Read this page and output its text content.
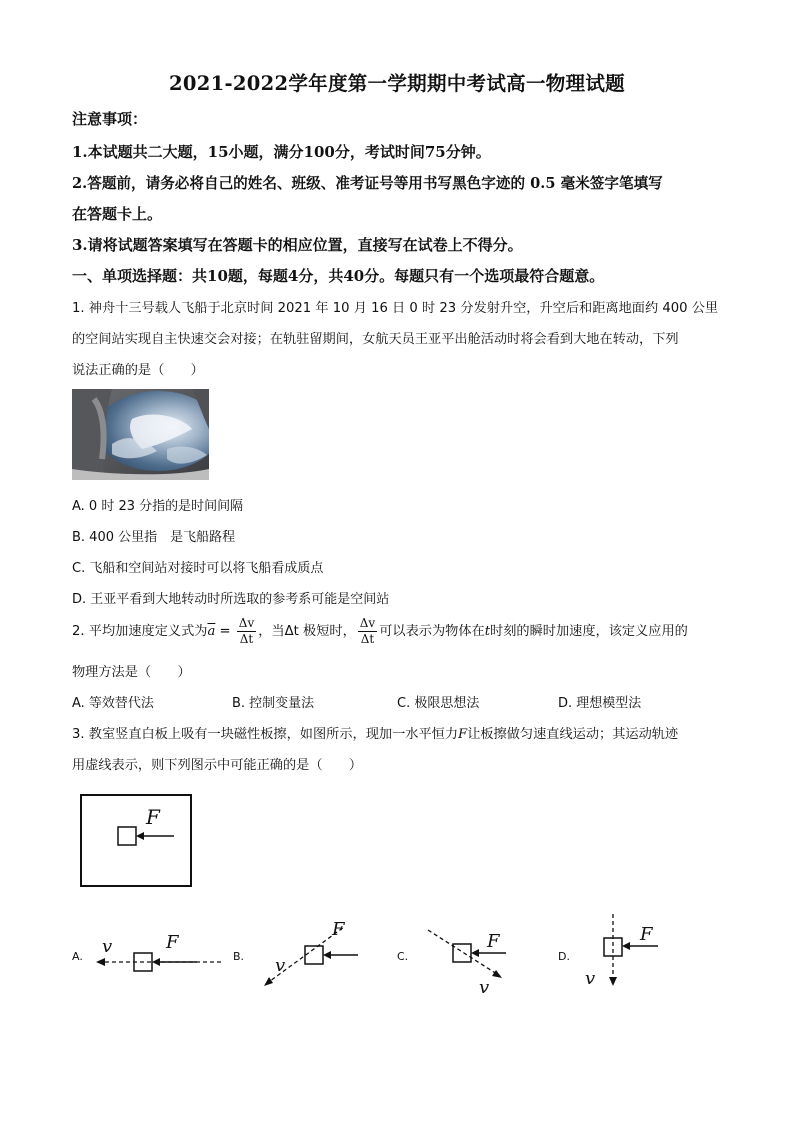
2021-2022学年度第一学期期中考试高一物理试题
注意事项：
1.本试题共二大题，15小题，满分100分，考试时间75分钟。
2.答题前，请务必将自己的姓名、班级、准考证号等用书写黑色字迹的 0.5 毫米签字笔填写
在答题卡上。
3.请将试题答案填写在答题卡的相应位置，直接写在试卷上不得分。
一、单项选择题：共10题，每题4分，共40分。每题只有一个选项最符合题意。
1. 神舟十三号载人飞船于北京时间 2021 年 10 月 16 日 0 时 23 分发射升空，升空后和距离地面约 400 公里
的空间站实现自主快速交会对接；在轨驻留期间，女航天员王亚平出舱活动时将会看到大地在转动，下列
说法正确的是（　　）
A. 0 时 23 分指的是时间间隔
B. 400 公里指　是飞船路程
C. 飞船和空间站对接时可以将飞船看成质点
D. 王亚平看到大地转动时所选取的参考系可能是空间站
2. 平均加速度定义式为$\overline{a} = \frac{\Delta v}{\Delta t}$ ，当Δt 极短时， $\frac{\Delta v}{\Delta t}$ 可以表示为物体在t时刻的瞬时加速度，该定义应用的
物理方法是（　　）
A. 等效替代法	B. 控制变量法	C. 极限思想法	D. 理想模型法
3. 教室竖直白板上吸有一块磁性板擦，如图所示，现加一水平恒力F让板擦做匀速直线运动；其运动轨迹
用虚线表示，则下列图示中可能正确的是（　　）
F
A.
F
v	B.
F
v	C.
F
v
D.
F
v
